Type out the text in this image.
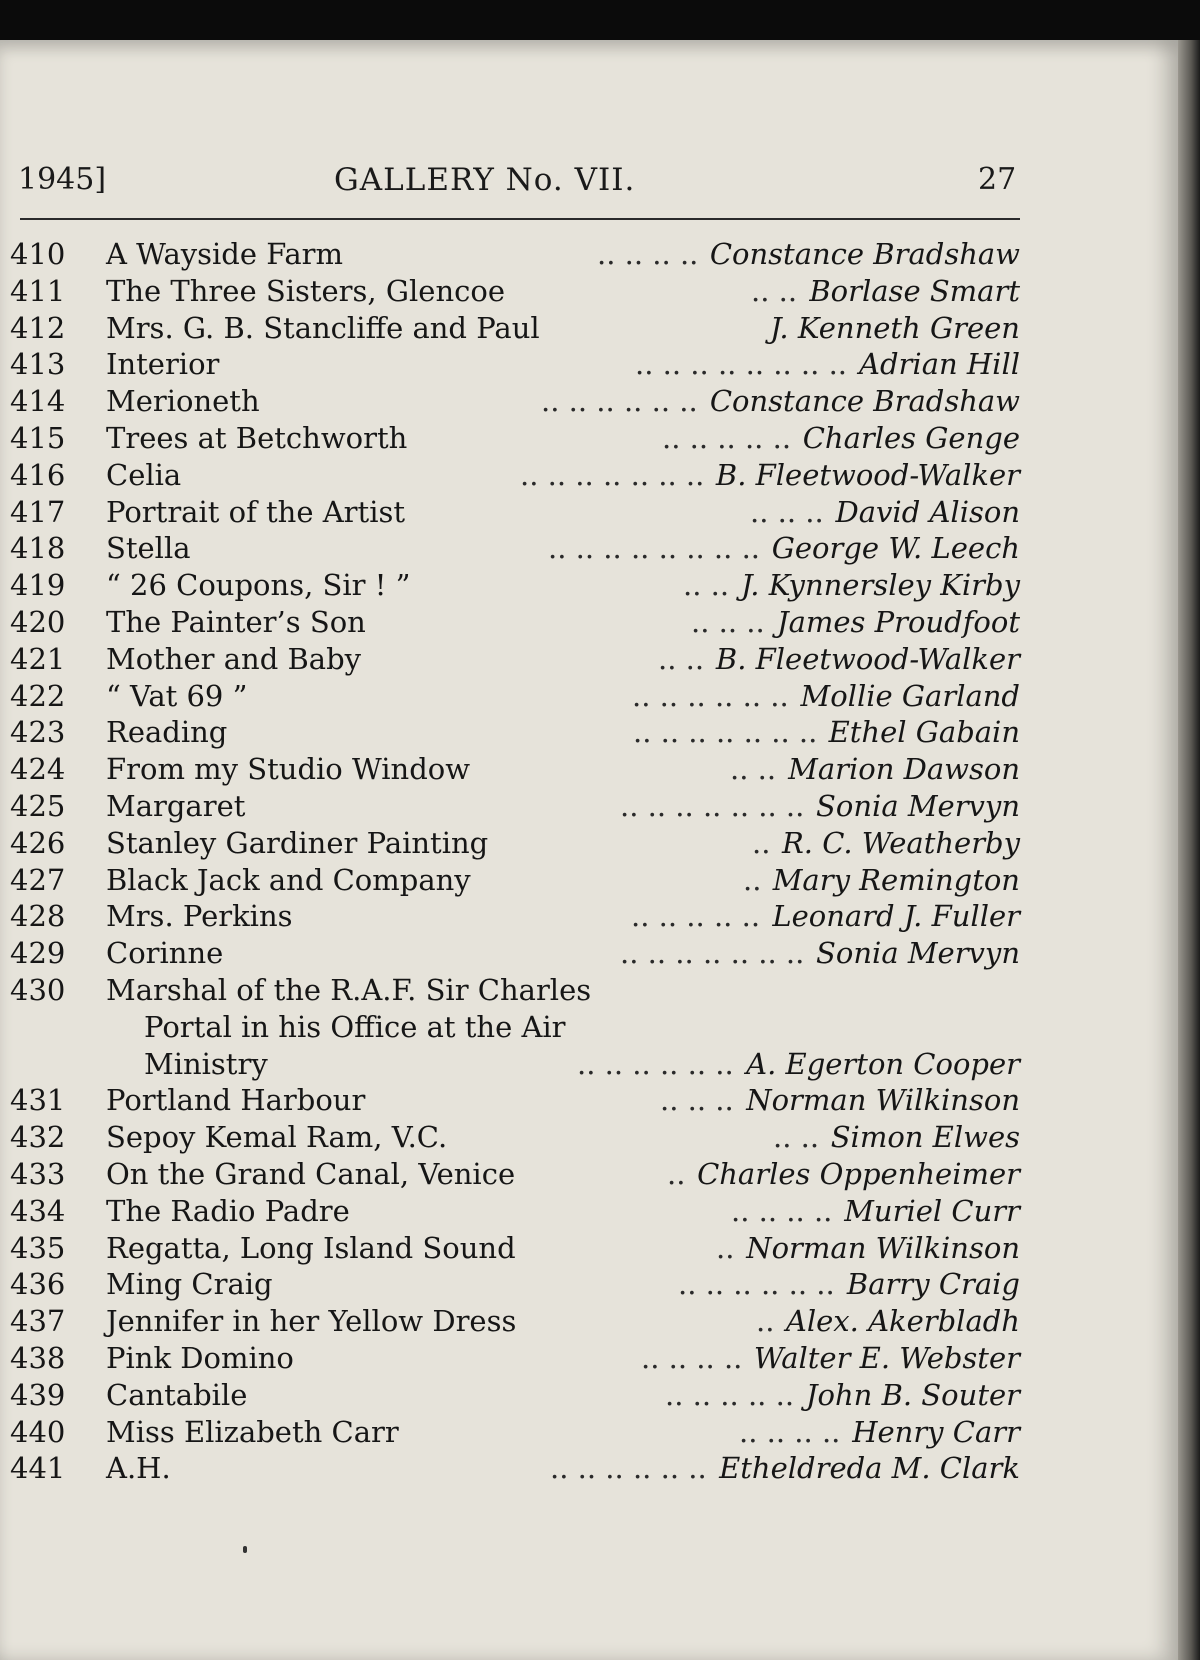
1945]	GALLERY No. VII.	27
410	A Wayside Farm	.. .. .. .. Constance Bradshaw
411	The Three Sisters, Glencoe	.. .. Borlase Smart
412	Mrs. G. B. Stancliffe and Paul	J. Kenneth Green
413	Interior	.. .. .. .. .. .. .. .. Adrian Hill
414	Merioneth	.. .. .. .. .. .. Constance Bradshaw
415	Trees at Betchworth	.. .. .. .. .. Charles Genge
416	Celia	.. .. .. .. .. .. .. B. Fleetwood-Walker
417	Portrait of the Artist	.. .. .. David Alison
418	Stella	.. .. .. .. .. .. .. .. George W. Leech
419	“ 26 Coupons, Sir ! ”	.. .. J. Kynnersley Kirby
420	The Painter’s Son	.. .. .. James Proudfoot
421	Mother and Baby	.. .. B. Fleetwood-Walker
422	“ Vat 69 ”	.. .. .. .. .. .. Mollie Garland
423	Reading	.. .. .. .. .. .. .. Ethel Gabain
424	From my Studio Window	.. .. Marion Dawson
425	Margaret	.. .. .. .. .. .. .. Sonia Mervyn
426	Stanley Gardiner Painting	.. R. C. Weatherby
427	Black Jack and Company	.. Mary Remington
428	Mrs. Perkins	.. .. .. .. .. Leonard J. Fuller
429	Corinne	.. .. .. .. .. .. .. Sonia Mervyn
430	Marshal of the R.A.F. Sir Charles
Portal in his Office at the Air
Ministry	.. .. .. .. .. .. A. Egerton Cooper
431	Portland Harbour	.. .. .. Norman Wilkinson
432	Sepoy Kemal Ram, V.C.	.. .. Simon Elwes
433	On the Grand Canal, Venice	.. Charles Oppenheimer
434	The Radio Padre	.. .. .. .. Muriel Curr
435	Regatta, Long Island Sound	.. Norman Wilkinson
436	Ming Craig	.. .. .. .. .. .. Barry Craig
437	Jennifer in her Yellow Dress	.. Alex. Akerbladh
438	Pink Domino	.. .. .. .. Walter E. Webster
439	Cantabile	.. .. .. .. .. John B. Souter
440	Miss Elizabeth Carr	.. .. .. .. Henry Carr
441	A.H.	.. .. .. .. .. .. Etheldreda M. Clark
